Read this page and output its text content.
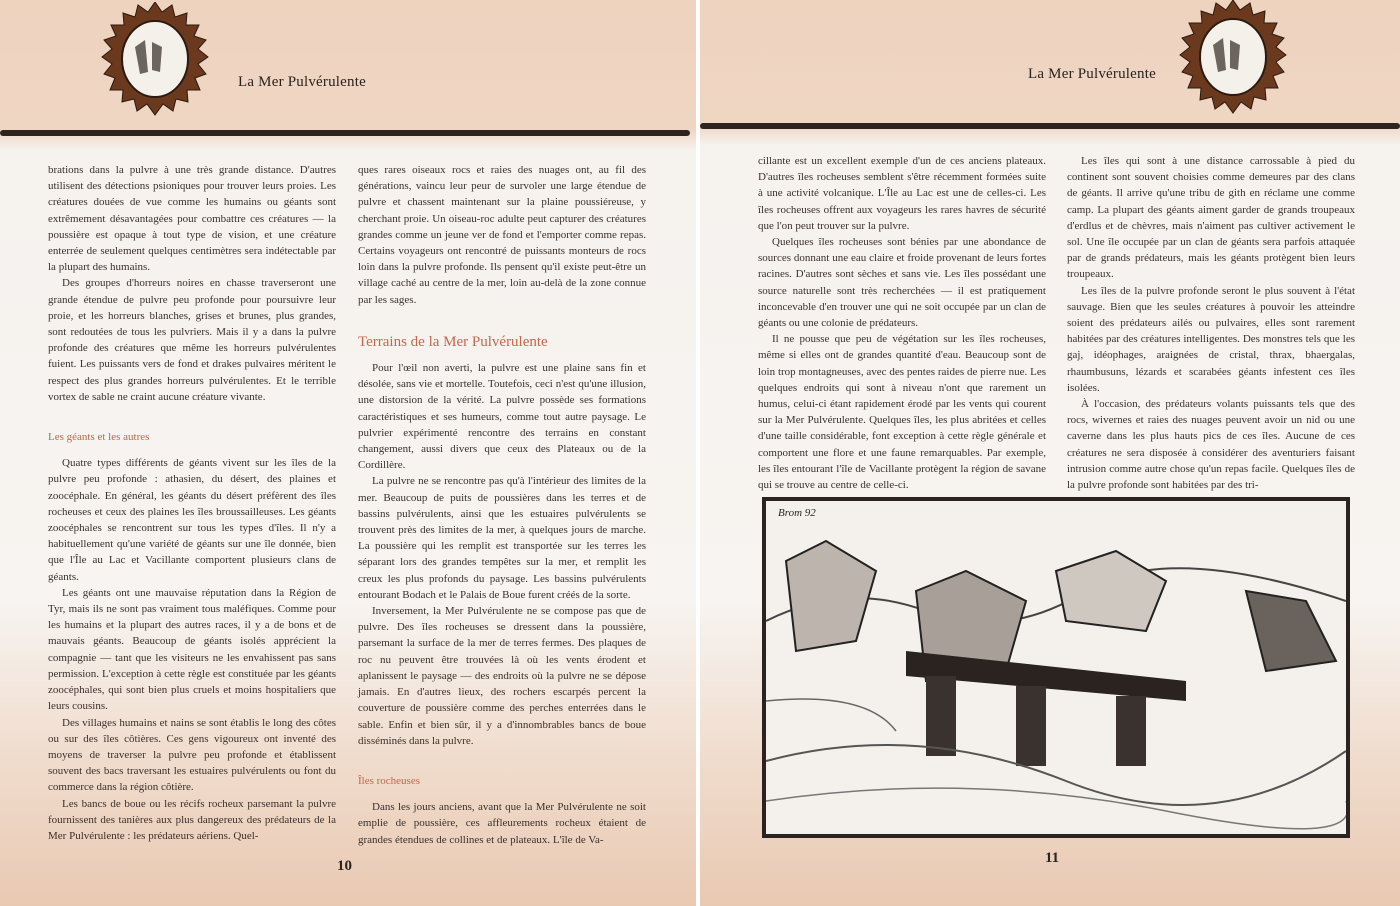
La Mer Pulvérulente

brations dans la pulvre à une très grande distance. D'autres utilisent des détections psioniques pour trouver leurs proies. Les créatures douées de vue comme les humains ou géants sont extrêmement désavantagées pour combattre ces créatures — la poussière est opaque à tout type de vision, et une créature enterrée de seulement quelques centimètres sera indétectable par la plupart des humains.

Des groupes d'horreurs noires en chasse traverseront une grande étendue de pulvre peu profonde pour poursuivre leur proie, et les horreurs blanches, grises et brunes, plus grandes, sont redoutées de tous les pulvriers. Mais il y a dans la pulvre profonde des créatures que même les horreurs pulvérulentes fuient. Les puissants vers de fond et drakes pulvaires méritent le respect des plus grandes horreurs pulvérulentes. Et le terrible vortex de sable ne craint aucune créature vivante.

Les géants et les autres

Quatre types différents de géants vivent sur les îles de la pulvre peu profonde : athasien, du désert, des plaines et zoocéphale. En général, les géants du désert préfèrent des îles rocheuses et ceux des plaines les îles broussailleuses. Les géants zoocéphales se rencontrent sur tous les types d'îles. Il n'y a habituellement qu'une variété de géants sur une île donnée, bien que l'Île au Lac et Vacillante comportent plusieurs clans de géants.

Les géants ont une mauvaise réputation dans la Région de Tyr, mais ils ne sont pas vraiment tous maléfiques. Comme pour les humains et la plupart des autres races, il y a de bons et de mauvais géants. Beaucoup de géants isolés apprécient la compagnie — tant que les visiteurs ne les envahissent pas sans permission. L'exception à cette règle est constituée par les géants zoocéphales, qui sont bien plus cruels et moins hospitaliers que leurs cousins.

Des villages humains et nains se sont établis le long des côtes ou sur des îles côtières. Ces gens vigoureux ont inventé des moyens de traverser la pulvre peu profonde et établissent souvent des bacs traversant les estuaires pulvérulents ou font du commerce dans la région côtière.

Les bancs de boue ou les récifs rocheux parsemant la pulvre fournissent des tanières aux plus dangereux des prédateurs de la Mer Pulvérulente : les prédateurs aériens. Quel-

ques rares oiseaux rocs et raies des nuages ont, au fil des générations, vaincu leur peur de survoler une large étendue de pulvre et chassent maintenant sur la plaine poussiéreuse, y cherchant proie. Un oiseau-roc adulte peut capturer des créatures grandes comme un jeune ver de fond et l'emporter comme repas. Certains voyageurs ont rencontré de puissants monteurs de rocs loin dans la pulvre profonde. Ils pensent qu'il existe peut-être un village caché au centre de la mer, loin au-delà de la zone connue par les sages.

Terrains de la Mer Pulvérulente

Pour l'œil non averti, la pulvre est une plaine sans fin et désolée, sans vie et mortelle. Toutefois, ceci n'est qu'une illusion, une distorsion de la vérité. La pulvre possède ses formations caractéristiques et ses humeurs, comme tout autre paysage. Le pulvrier expérimenté rencontre des terrains en constant changement, aussi divers que ceux des Plateaux ou de la Cordillère.

La pulvre ne se rencontre pas qu'à l'intérieur des limites de la mer. Beaucoup de puits de poussières dans les terres et de bassins pulvérulents, ainsi que les estuaires pulvérulents se trouvent près des limites de la mer, à quelques jours de marche. La poussière qui les remplit est transportée sur les terres les séparant lors des grandes tempêtes sur la mer, et remplit les creux les plus profonds du paysage. Les bassins pulvérulents entourant Bodach et le Palais de Boue furent créés de la sorte.

Inversement, la Mer Pulvérulente ne se compose pas que de pulvre. Des îles rocheuses se dressent dans la poussière, parsemant la surface de la mer de terres fermes. Des plaques de roc nu peuvent être trouvées là où les vents érodent et aplanissent le paysage — des endroits où la pulvre ne se dépose jamais. En d'autres lieux, des rochers escarpés percent la couverture de poussière comme des perches enterrées dans le sable. Enfin et bien sûr, il y a d'innombrables bancs de boue disséminés dans la pulvre.

Îles rocheuses

Dans les jours anciens, avant que la Mer Pulvérulente ne soit emplie de poussière, ces affleurements rocheux étaient de grandes étendues de collines et de plateaux. L'île de Va-

10
La Mer Pulvérulente

cillante est un excellent exemple d'un de ces anciens plateaux. D'autres îles rocheuses semblent s'être récemment formées suite à une activité volcanique. L'Île au Lac est une de celles-ci. Les îles rocheuses offrent aux voyageurs les rares havres de sécurité que l'on peut trouver sur la pulvre.

Quelques îles rocheuses sont bénies par une abondance de sources donnant une eau claire et froide provenant de leurs fortes racines. D'autres sont sèches et sans vie. Les îles possédant une source naturelle sont très recherchées — il est pratiquement inconcevable d'en trouver une qui ne soit occupée par un clan de géants ou une colonie de prédateurs.

Il ne pousse que peu de végétation sur les îles rocheuses, même si elles ont de grandes quantité d'eau. Beaucoup sont de loin trop montagneuses, avec des pentes raides de pierre nue. Les quelques endroits qui sont à niveau n'ont que rarement un humus, celui-ci étant rapidement érodé par les vents qui courent sur la Mer Pulvérulente. Quelques îles, les plus abritées et celles d'une taille considérable, font exception à cette règle générale et comportent une flore et une faune remarquables. Par exemple, les îles entourant l'île de Vacillante protègent la région de savane qui se trouve au centre de celle-ci.

Les îles qui sont à une distance carrossable à pied du continent sont souvent choisies comme demeures par des clans de géants. Il arrive qu'une tribu de gith en réclame une comme camp. La plupart des géants aiment garder de grands troupeaux d'erdlus et de chèvres, mais n'aiment pas cultiver activement le sol. Une île occupée par un clan de géants sera parfois attaquée par de grands prédateurs, mais les géants protègent bien leurs troupeaux.

Les îles de la pulvre profonde seront le plus souvent à l'état sauvage. Bien que les seules créatures à pouvoir les atteindre soient des prédateurs ailés ou pulvaires, elles sont rarement habitées par des créatures intelligentes. Des monstres tels que les gaj, idéophages, araignées de cristal, thrax, bhaergalas, rhaumbusuns, lézards et scarabées géants infestent ces îles isolées.

À l'occasion, des prédateurs volants puissants tels que des rocs, wivernes et raies des nuages peuvent avoir un nid ou une caverne dans les plus hauts pics de ces îles. Aucune de ces créatures ne sera disposée à considérer des aventuriers faisant intrusion comme autre chose qu'un repas facile. Quelques îles de la pulvre profonde sont habitées par des tri-

11
Brom 92
